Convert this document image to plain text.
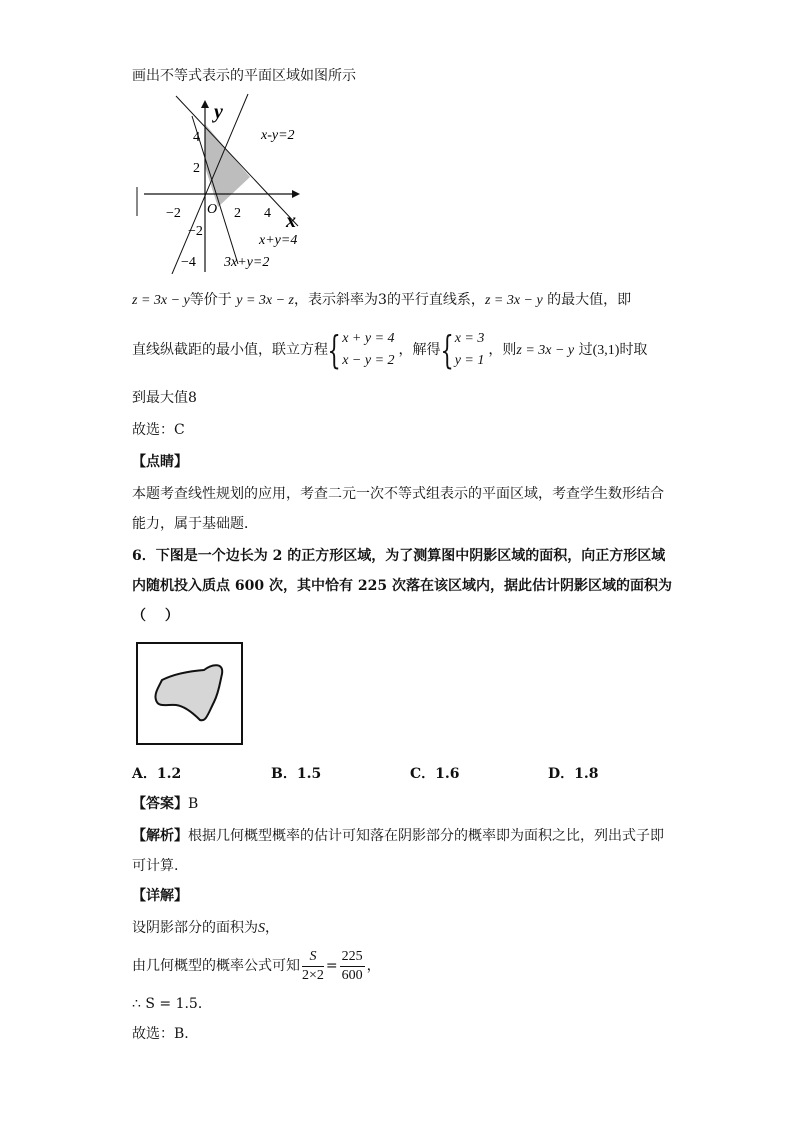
画出不等式表示的平面区域如图所示
y
x
O
x-y=2
x+y=4
3x+y=2
−2	2 4
4
2
−2
−4
z = 3x − y等价于 y = 3x − z，表示斜率为3的平行直线系，z = 3x − y 的最大值，即
直线纵截距的最小值，联立方程{x + y = 4
x − y = 2，解得{x = 3
y = 1，则z = 3x − y 过(3,1)时取
到最大值8
故选：C
【点睛】
本题考查线性规划的应用，考查二元一次不等式组表示的平面区域，考查学生数形结合
能力，属于基础题．
6．下图是一个边长为 2 的正方形区域，为了测算图中阴影区域的面积，向正方形区域
内随机投入质点 600 次，其中恰有 225 次落在该区域内，据此估计阴影区域的面积为
（　 ）
A．1.2	B．1.5	C．1.6	D．1.8
【答案】B
【解析】根据几何概型概率的估计可知落在阴影部分的概率即为面积之比，列出式子即
可计算.
【详解】
设阴影部分的面积为S，
由几何概型的概率公式可知 $\frac{S}{2\times 2} = \frac{225}{600}$ ，
∴ S = 1.5．
故选：B.
